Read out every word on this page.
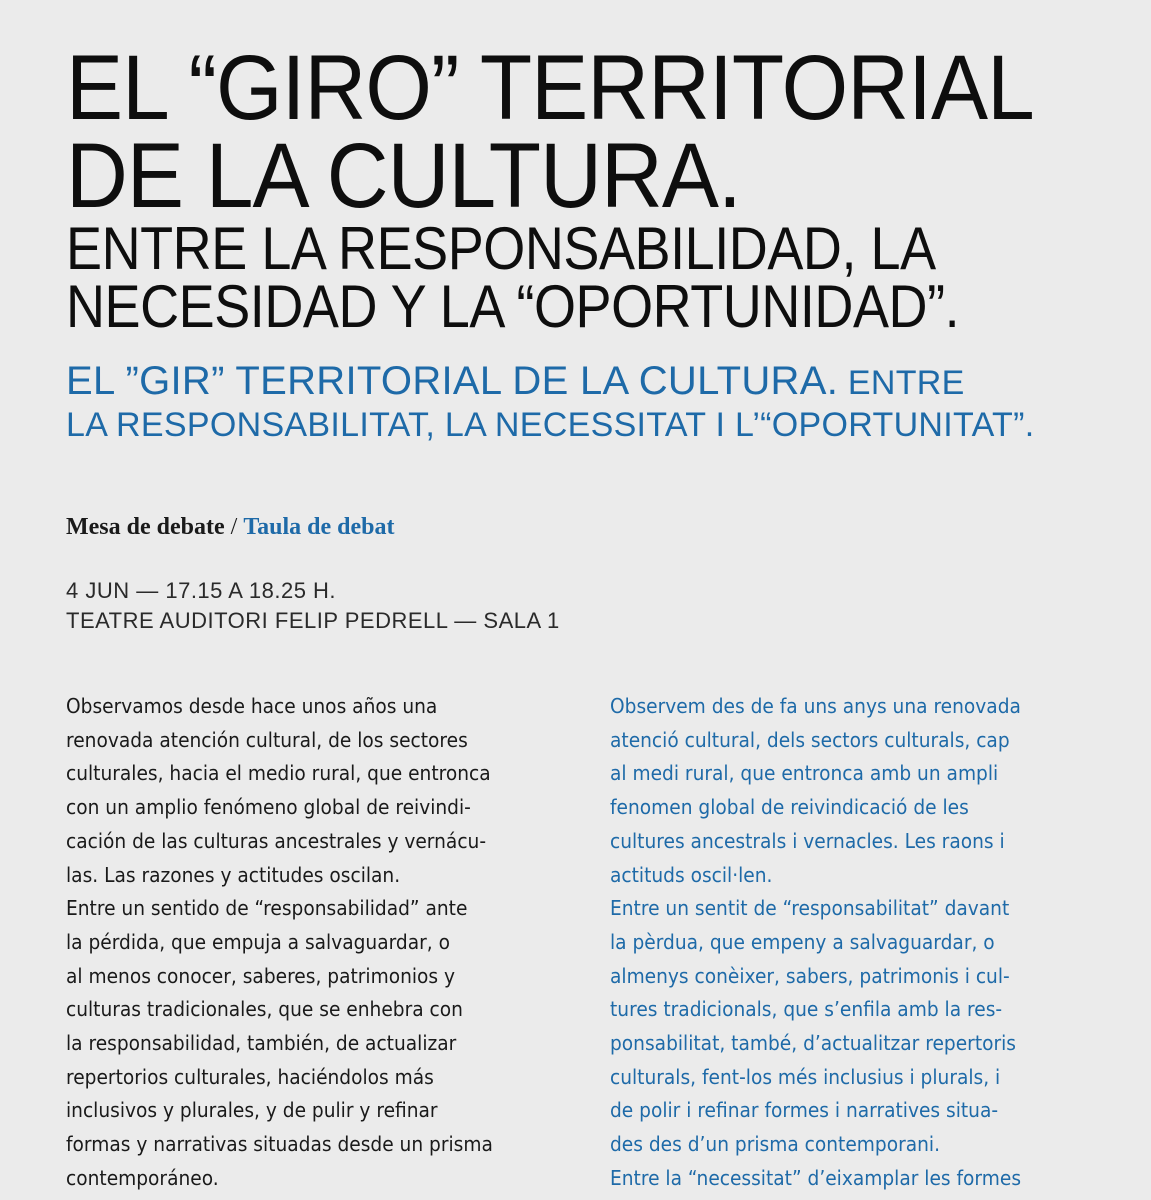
EL “GIRO” TERRITORIAL
DE LA CULTURA.
ENTRE LA RESPONSABILIDAD, LA
NECESIDAD Y LA “OPORTUNIDAD”.
EL ”GIR” TERRITORIAL DE LA CULTURA. ENTRE
LA RESPONSABILITAT, LA NECESSITAT I L’“OPORTUNITAT”.
Mesa de debate / Taula de debat
4 JUN — 17.15 A 18.25 H.
TEATRE AUDITORI FELIP PEDRELL — SALA 1
Observamos desde hace unos años una
renovada atención cultural, de los sectores
culturales, hacia el medio rural, que entronca
con un amplio fenómeno global de reivindi-
cación de las culturas ancestrales y vernácu-
las. Las razones y actitudes oscilan.
Entre un sentido de “responsabilidad” ante
la pérdida, que empuja a salvaguardar, o
al menos conocer, saberes, patrimonios y
culturas tradicionales, que se enhebra con
la responsabilidad, también, de actualizar
repertorios culturales, haciéndolos más
inclusivos y plurales, y de pulir y refinar
formas y narrativas situadas desde un prisma
contemporáneo.
Observem des de fa uns anys una renovada
atenció cultural, dels sectors culturals, cap
al medi rural, que entronca amb un ampli
fenomen global de reivindicació de les
cultures ancestrals i vernacles. Les raons i
actituds oscil·len.
Entre un sentit de “responsabilitat” davant
la pèrdua, que empeny a salvaguardar, o
almenys conèixer, sabers, patrimonis i cul-
tures tradicionals, que s’enfila amb la res-
ponsabilitat, també, d’actualitzar repertoris
culturals, fent-los més inclusius i plurals, i
de polir i refinar formes i narratives situa-
des des d’un prisma contemporani.
Entre la “necessitat” d’eixamplar les formes
